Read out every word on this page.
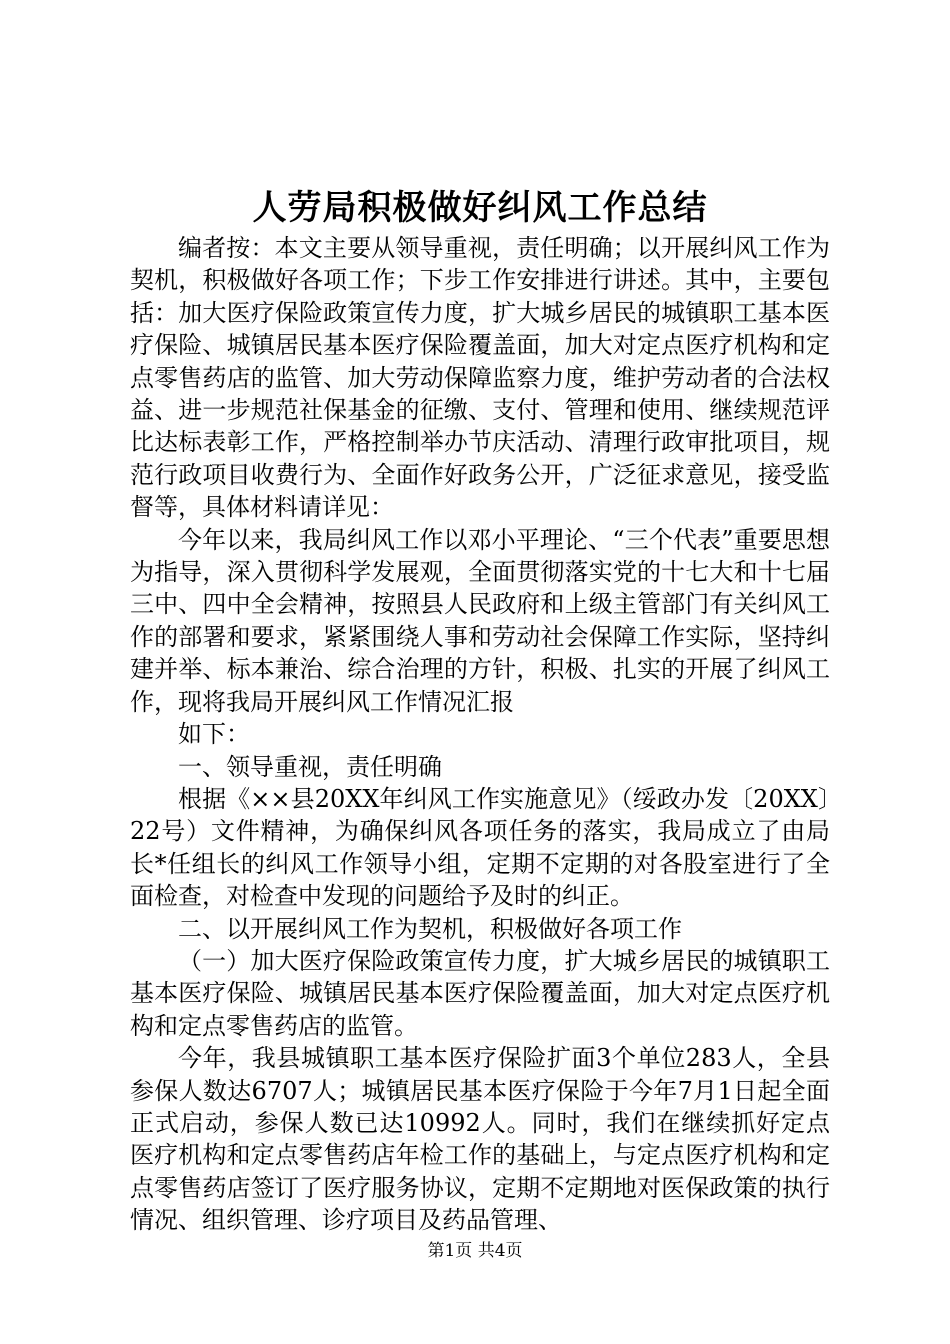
人劳局积极做好纠风工作总结

编者按：本文主要从领导重视，责任明确；以开展纠风工作为契机，积极做好各项工作；下步工作安排进行讲述。其中，主要包括：加大医疗保险政策宣传力度，扩大城乡居民的城镇职工基本医疗保险、城镇居民基本医疗保险覆盖面，加大对定点医疗机构和定点零售药店的监管、加大劳动保障监察力度，维护劳动者的合法权益、进一步规范社保基金的征缴、支付、管理和使用、继续规范评比达标表彰工作，严格控制举办节庆活动、清理行政审批项目，规范行政项目收费行为、全面作好政务公开，广泛征求意见，接受监督等，具体材料请详见：

今年以来，我局纠风工作以邓小平理论、“三个代表”重要思想为指导，深入贯彻科学发展观，全面贯彻落实党的十七大和十七届三中、四中全会精神，按照县人民政府和上级主管部门有关纠风工作的部署和要求，紧紧围绕人事和劳动社会保障工作实际，坚持纠建并举、标本兼治、综合治理的方针，积极、扎实的开展了纠风工作，现将我局开展纠风工作情况汇报

如下：

一、领导重视，责任明确

根据《××县20XX年纠风工作实施意见》（绥政办发〔20XX〕22号）文件精神，为确保纠风各项任务的落实，我局成立了由局长*任组长的纠风工作领导小组，定期不定期的对各股室进行了全面检查，对检查中发现的问题给予及时的纠正。

二、以开展纠风工作为契机，积极做好各项工作

（一）加大医疗保险政策宣传力度，扩大城乡居民的城镇职工基本医疗保险、城镇居民基本医疗保险覆盖面，加大对定点医疗机构和定点零售药店的监管。

今年，我县城镇职工基本医疗保险扩面3个单位283人，全县参保人数达6707人；城镇居民基本医疗保险于今年7月1日起全面正式启动，参保人数已达10992人。同时，我们在继续抓好定点医疗机构和定点零售药店年检工作的基础上，与定点医疗机构和定点零售药店签订了医疗服务协议，定期不定期地对医保政策的执行情况、组织管理、诊疗项目及药品管理、

第1页 共4页
